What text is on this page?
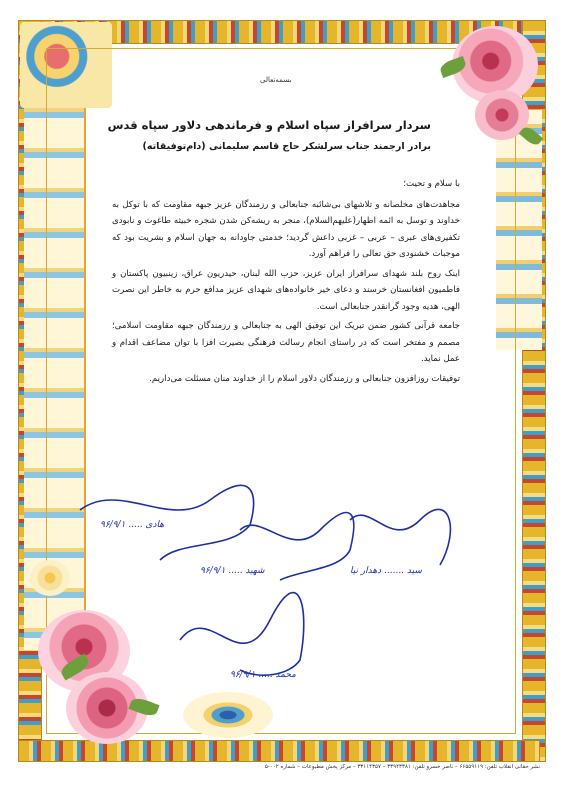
بسمه‌تعالی
سردار سرافراز سپاه اسلام و فرماندهی دلاور سپاه قدس
برادر ارجمند جناب سرلشکر حاج قاسم سلیمانی (دام‌توفیقاته)

با سلام و تحیت؛

مجاهدت‌های مخلصانه و تلاشهای بی‌شائبه جنابعالی و رزمندگان عزیز جبهه مقاومت که با توکل به خداوند و توسل به ائمه اطهار(علیهم‌السلام)، منجر به ریشه‌کن شدن شجره خبیثه طاغوت و نابودی تکفیری‌های عبری – عربی – غربی داعش گردید؛ خدمتی جاودانه به جهان اسلام و بشریت بود که موجبات خشنودی حق تعالی را فراهم آورد.

اینک روح بلند شهدای سرافراز ایران عزیز، حزب الله لبنان، حیدریون عراق، زینبیون پاکستان و فاطمیون افغانستان خرسند و دعای خیر خانواده‌های شهدای عزیز مدافع حرم به خاطر این نصرت الهی، هدیه وجود گرانقدر جنابعالی است.

جامعه قرآنی کشور ضمن تبریک این توفیق الهی به جنابعالی و رزمندگان جبهه مقاومت اسلامی؛ مصمم و مفتخر است که در راستای انجام رسالت فرهنگی بصیرت افزا با توان مضاعف اقدام و عمل نماید.

توفیقات روزافزون جنابعالی و رزمندگان دلاور اسلام را از خداوند منان مسئلت می‌داریم.

هادی ..... ۹۶/۹/۱
شهید ..... ۹۶/۹/۱	سید ....... دهدار نیا
محمد ..... ۹۶/۹/۱
نشر حقانی انقلاب تلفن: ۶۶۵۵۹۱۱۹ – ناصر خسرو تلفن: ۳۳۹۴۳۳۸۱ – ۳۳۱۱۴۳۵۷ – مرکز پخش مطبوعات – شماره ۰۰۲-۵
